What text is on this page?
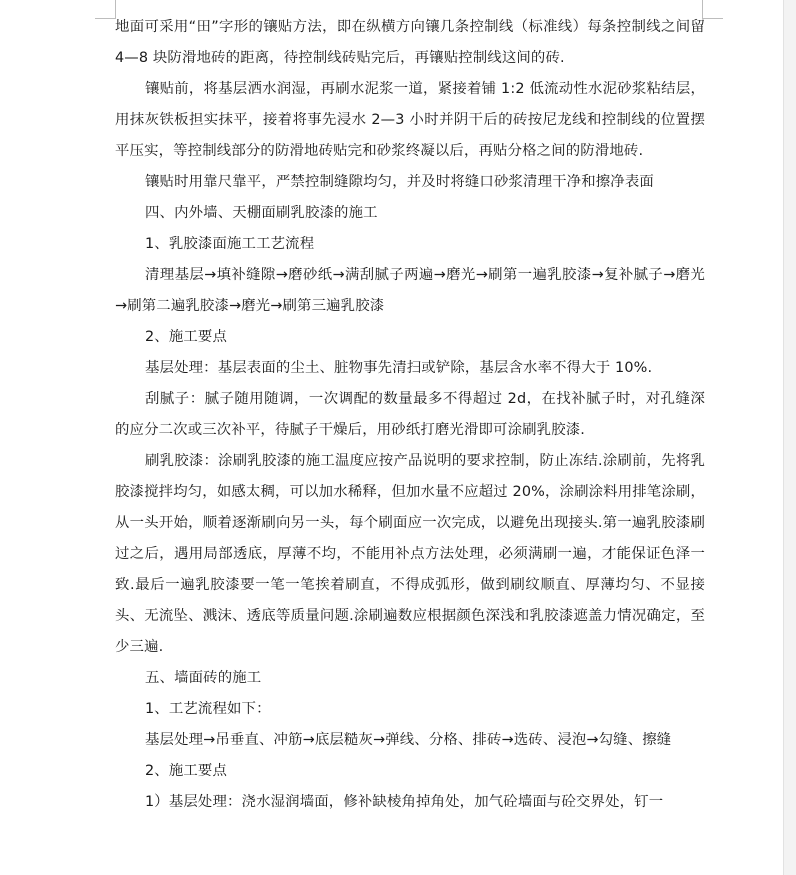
地面可采用“田”字形的镶贴方法，即在纵横方向镶几条控制线（标准线）每条控制线之间留 4—8 块防滑地砖的距离，待控制线砖贴完后，再镶贴控制线这间的砖.

镶贴前，将基层洒水润湿，再刷水泥浆一道，紧接着铺 1:2 低流动性水泥砂浆粘结层，用抹灰铁板担实抹平，接着将事先浸水 2—3 小时并阴干后的砖按尼龙线和控制线的位置摆平压实，等控制线部分的防滑地砖贴完和砂浆终凝以后，再贴分格之间的防滑地砖.

镶贴时用靠尺靠平，严禁控制缝隙均匀，并及时将缝口砂浆清理干净和擦净表面

四、内外墙、天棚面刷乳胶漆的施工

1、乳胶漆面施工工艺流程

清理基层→填补缝隙→磨砂纸→满刮腻子两遍→磨光→刷第一遍乳胶漆→复补腻子→磨光→刷第二遍乳胶漆→磨光→刷第三遍乳胶漆

2、施工要点

基层处理：基层表面的尘土、脏物事先清扫或铲除，基层含水率不得大于 10%.

刮腻子：腻子随用随调，一次调配的数量最多不得超过 2d，在找补腻子时，对孔缝深的应分二次或三次补平，待腻子干燥后，用砂纸打磨光滑即可涂刷乳胶漆.

刷乳胶漆：涂刷乳胶漆的施工温度应按产品说明的要求控制，防止冻结.涂刷前，先将乳胶漆搅拌均匀，如感太稠，可以加水稀释，但加水量不应超过 20%，涂刷涂料用排笔涂刷，从一头开始，顺着逐渐刷向另一头，每个刷面应一次完成，以避免出现接头.第一遍乳胶漆刷过之后，遇用局部透底，厚薄不均，不能用补点方法处理，必须满刷一遍，才能保证色泽一致.最后一遍乳胶漆要一笔一笔挨着刷直，不得成弧形，做到刷纹顺直、厚薄均匀、不显接头、无流坠、溅沫、透底等质量问题.涂刷遍数应根据颜色深浅和乳胶漆遮盖力情况确定，至少三遍.

五、墙面砖的施工

1、工艺流程如下：

基层处理→吊垂直、冲筋→底层糙灰→弹线、分格、排砖→选砖、浸泡→勾缝、擦缝

2、施工要点

1）基层处理：浇水湿润墙面，修补缺棱角掉角处，加气砼墙面与砼交界处，钉一
